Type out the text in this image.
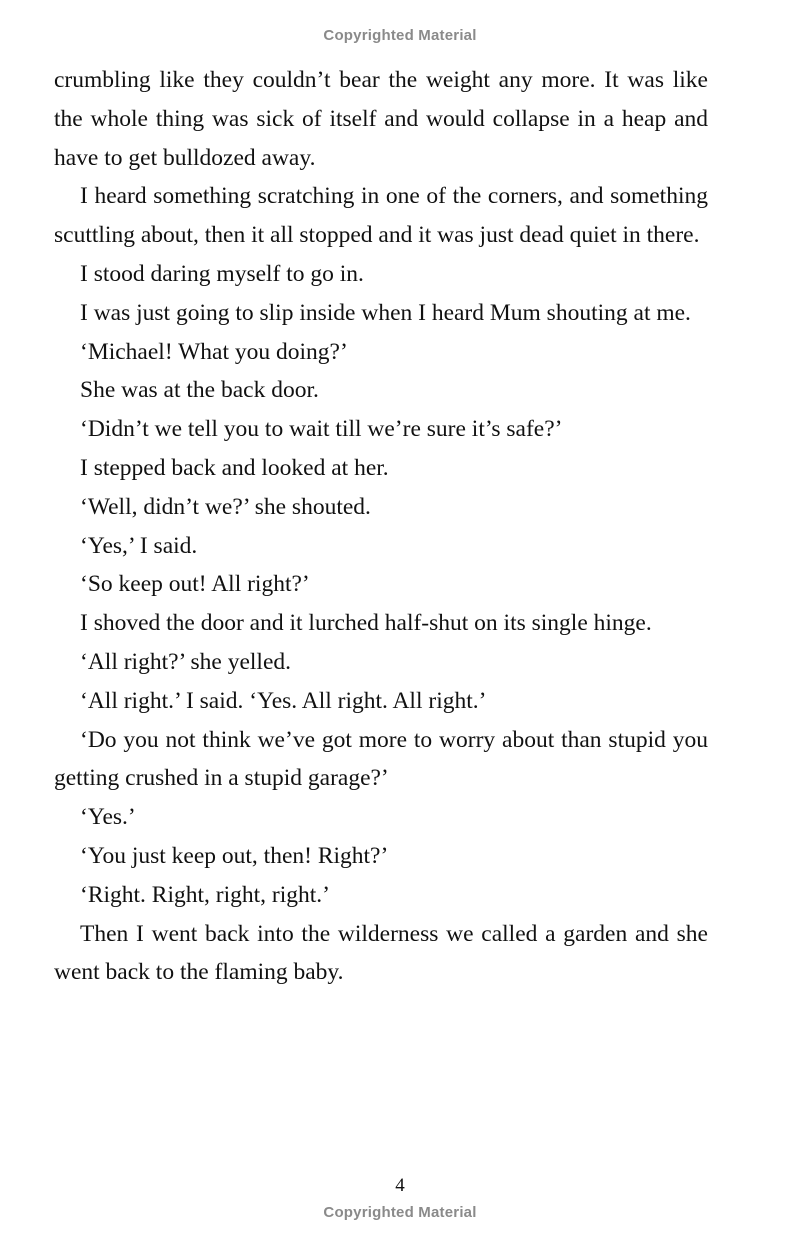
Copyrighted Material

crumbling like they couldn’t bear the weight any more. It was like the whole thing was sick of itself and would collapse in a heap and have to get bulldozed away.

I heard something scratching in one of the corners, and something scuttling about, then it all stopped and it was just dead quiet in there.

I stood daring myself to go in.

I was just going to slip inside when I heard Mum shouting at me.

‘Michael! What you doing?’

She was at the back door.

‘Didn’t we tell you to wait till we’re sure it’s safe?’

I stepped back and looked at her.

‘Well, didn’t we?’ she shouted.

‘Yes,’ I said.

‘So keep out! All right?’

I shoved the door and it lurched half-shut on its single hinge.

‘All right?’ she yelled.

‘All right.’ I said. ‘Yes. All right. All right.’

‘Do you not think we’ve got more to worry about than stupid you getting crushed in a stupid garage?’

‘Yes.’

‘You just keep out, then! Right?’

‘Right. Right, right, right.’

Then I went back into the wilderness we called a garden and she went back to the flaming baby.

4
Copyrighted Material
